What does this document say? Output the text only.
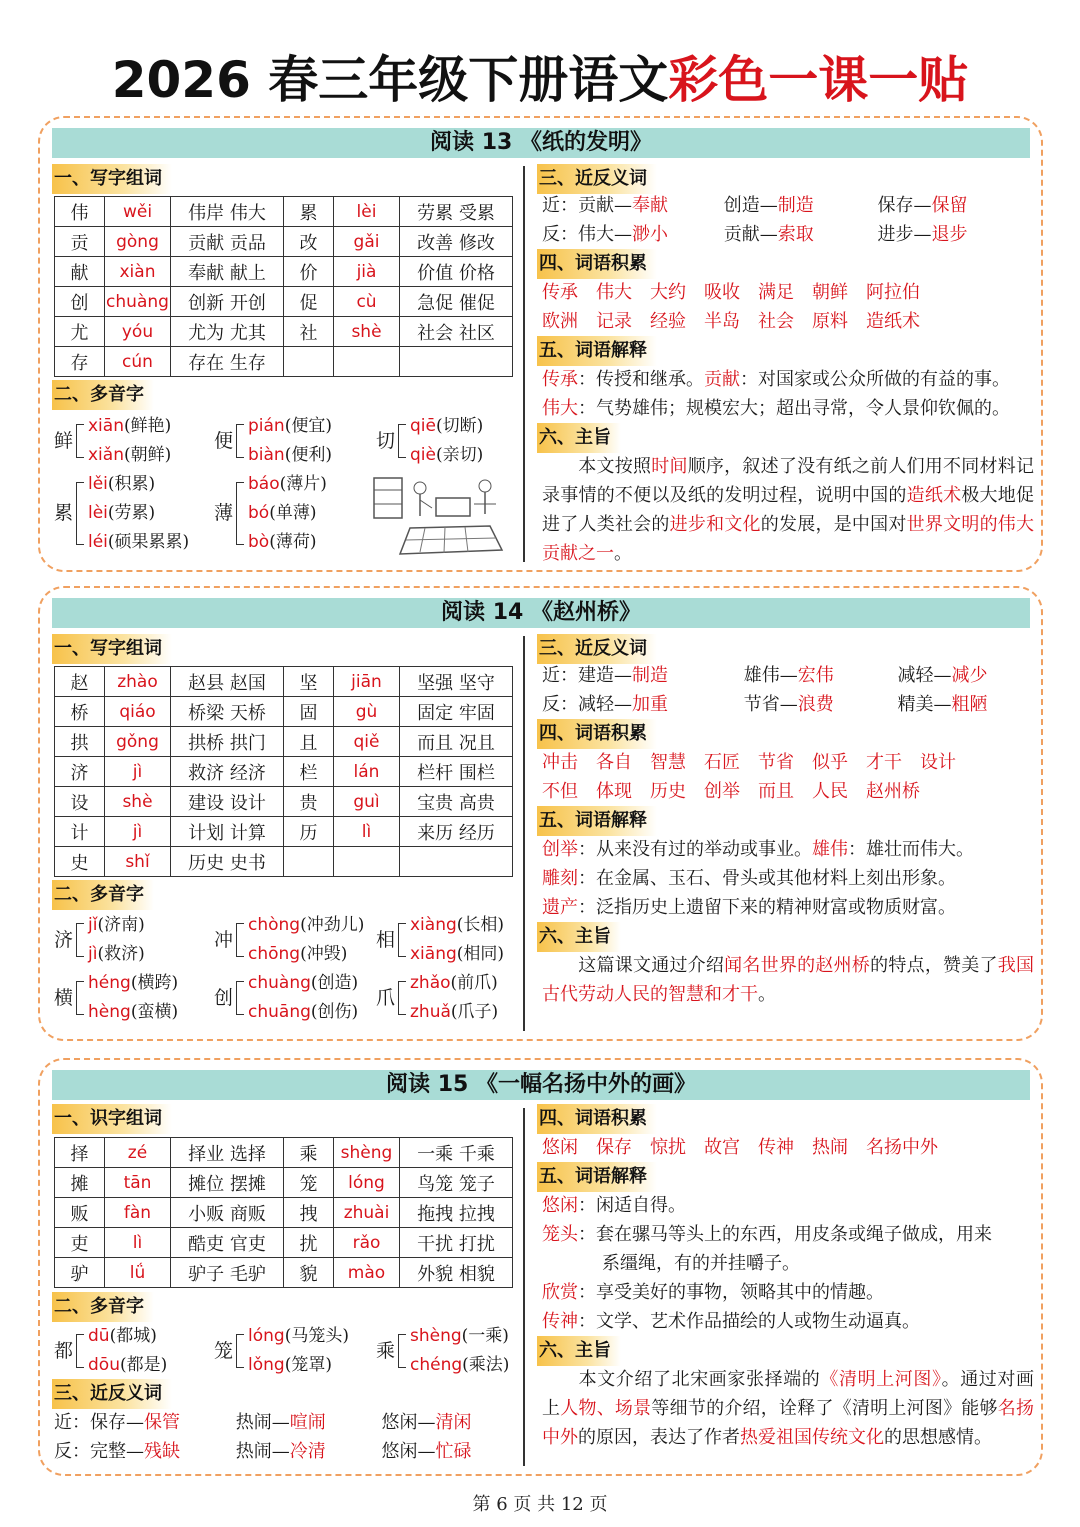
2026 春三年级下册语文彩色一课一贴
阅读 13 《纸的发明》
一、写字组词
伟	wěi	伟岸 伟大	累	lèi	劳累 受累
贡	gòng	贡献 贡品	改	gǎi	改善 修改
献	xiàn	奉献 献上	价	jià	价值 价格
创	chuàng	创新 开创	促	cù	急促 催促
尤	yóu	尤为 尤其	社	shè	社会 社区
存	cún	存在 生存			
二、多音字
三、近反义词
近：贡献—奉献	创造—制造	保存—保留
反：伟大—渺小	贡献—索取	进步—退步
四、词语积累
传承 伟大 大约 吸收 满足 朝鲜 阿拉伯
欧洲 记录 经验 半岛 社会 原料 造纸术
五、词语解释
传承：传授和继承。贡献：对国家或公众所做的有益的事。
伟大：气势雄伟；规模宏大；超出寻常，令人景仰钦佩的。
六、主旨
本文按照时间顺序，叙述了没有纸之前人们用不同材料记录事情的不便以及纸的发明过程，说明中国的造纸术极大地促进了人类社会的进步和文化的发展，是中国对世界文明的伟大贡献之一。
鲜
xiān(鲜艳)
xiǎn(朝鲜)
便
pián(便宜)
biàn(便利)
切
qiē(切断)
qiè(亲切)
累
lěi(积累)
lèi(劳累)
léi(硕果累累)
薄
báo(薄片)
bó(单薄)
bò(薄荷)
阅读 14 《赵州桥》
一、写字组词
赵	zhào	赵县 赵国	坚	jiān	坚强 坚守
桥	qiáo	桥梁 天桥	固	gù	固定 牢固
拱	gǒng	拱桥 拱门	且	qiě	而且 况且
济	jì	救济 经济	栏	lán	栏杆 围栏
设	shè	建设 设计	贵	guì	宝贵 高贵
计	jì	计划 计算	历	lì	来历 经历
史	shǐ	历史 史书			
二、多音字
三、近反义词
近：建造—制造	雄伟—宏伟	减轻—减少
反：减轻—加重	节省—浪费	精美—粗陋
四、词语积累
冲击 各自 智慧 石匠 节省 似乎 才干 设计
不但 体现 历史 创举 而且 人民 赵州桥
五、词语解释
创举：从来没有过的举动或事业。雄伟：雄壮而伟大。
雕刻：在金属、玉石、骨头或其他材料上刻出形象。
遗产：泛指历史上遗留下来的精神财富或物质财富。
六、主旨
这篇课文通过介绍闻名世界的赵州桥的特点，赞美了我国古代劳动人民的智慧和才干。
济
jǐ(济南)
jì(救济)
冲
chòng(冲劲儿)
chōng(冲毁)
相
xiàng(长相)
xiāng(相同)
横
héng(横跨)
hèng(蛮横)
创
chuàng(创造)
chuāng(创伤)
爪
zhǎo(前爪)
zhuǎ(爪子)
阅读 15 《一幅名扬中外的画》
一、识字组词
择	zé	择业 选择	乘	shèng	一乘 千乘
摊	tān	摊位 摆摊	笼	lóng	鸟笼 笼子
贩	fàn	小贩 商贩	拽	zhuài	拖拽 拉拽
吏	lì	酷吏 官吏	扰	rǎo	干扰 打扰
驴	lǘ	驴子 毛驴	貌	mào	外貌 相貌
二、多音字
三、近反义词
近：保存—保管	热闹—喧闹	悠闲—清闲
反：完整—残缺	热闹—冷清	悠闲—忙碌
四、词语积累
悠闲 保存 惊扰 故宫 传神 热闹 名扬中外
五、词语解释
悠闲：闲适自得。
笼头：套在骡马等头上的东西，用皮条或绳子做成，用来
系缰绳，有的并挂嚼子。
欣赏：享受美好的事物，领略其中的情趣。
传神：文学、艺术作品描绘的人或物生动逼真。
六、主旨
本文介绍了北宋画家张择端的《清明上河图》。通过对画上人物、场景等细节的介绍，诠释了《清明上河图》能够名扬中外的原因，表达了作者热爱祖国传统文化的思想感情。
都
dū(都城)
dōu(都是)
笼
lóng(马笼头)
lǒng(笼罩)
乘
shèng(一乘)
chéng(乘法)
第 6 页 共 12 页
